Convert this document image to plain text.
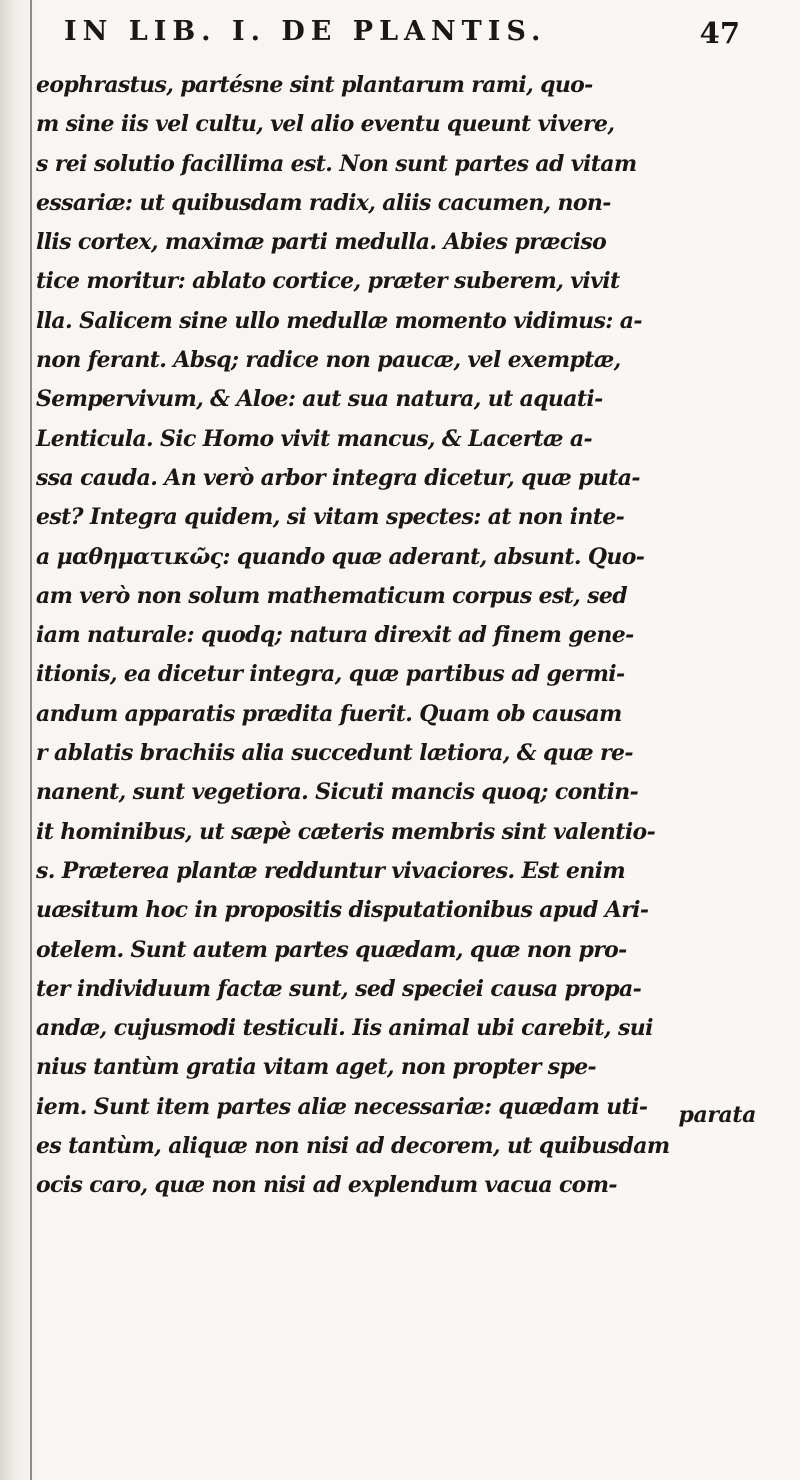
IN LIB. I. DE PLANTIS.	47
eophrastus, partésne sint plantarum rami, quo-
m sine iis vel cultu, vel alio eventu queunt vivere,
s rei solutio facillima est. Non sunt partes ad vitam
essariæ: ut quibusdam radix, aliis cacumen, non-
llis cortex, maximæ parti medulla. Abies præciso
tice moritur: ablato cortice, præter suberem, vivit
lla. Salicem sine ullo medullæ momento vidimus: a-
non ferant. Absq; radice non paucæ, vel exemptæ,
Sempervivum, & Aloe: aut sua natura, ut aquati-
Lenticula. Sic Homo vivit mancus, & Lacertæ a-
ssa cauda. An verò arbor integra dicetur, quæ puta-
est? Integra quidem, si vitam spectes: at non inte-
a μαθηματικῶς: quando quæ aderant, absunt. Quo-
am verò non solum mathematicum corpus est, sed
iam naturale: quodq; natura direxit ad finem gene-
itionis, ea dicetur integra, quæ partibus ad germi-
andum apparatis prædita fuerit. Quam ob causam
r ablatis brachiis alia succedunt lætiora, & quæ re-
nanent, sunt vegetiora. Sicuti mancis quoq; contin-
it hominibus, ut sæpè cæteris membris sint valentio-
s. Præterea plantæ redduntur vivaciores. Est enim
uæsitum hoc in propositis disputationibus apud Ari-
otelem. Sunt autem partes quædam, quæ non pro-
ter individuum factæ sunt, sed speciei causa propa-
andæ, cujusmodi testiculi. Iis animal ubi carebit, sui
nius tantùm gratia vitam aget, non propter spe-
iem. Sunt item partes aliæ necessariæ: quædam uti-
es tantùm, aliquæ non nisi ad decorem, ut quibusdam
ocis caro, quæ non nisi ad explendum vacua com-
parata
